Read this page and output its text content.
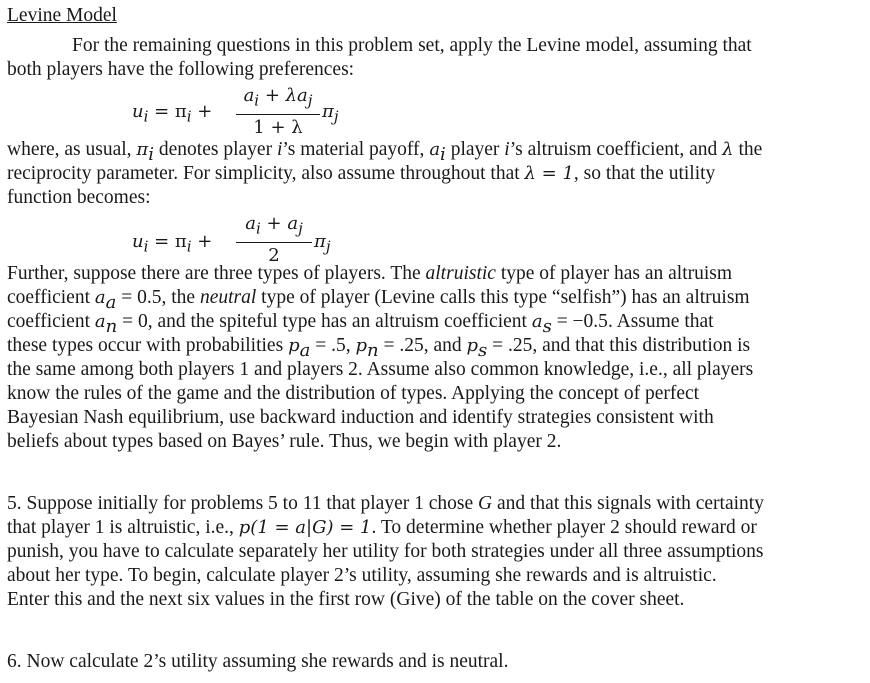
Levine Model
For the remaining questions in this problem set, apply the Levine model, assuming that
both players have the following preferences:
$u_i = \pi_i$ +
$a_i + \lambda a_j$
1 + λ
$\pi_j$
where, as usual, $\pi_i$ denotes player i’s material payoff, $a_i$ player i’s altruism coefficient, and λ the
reciprocity parameter. For simplicity, also assume throughout that λ = 1, so that the utility
function becomes:
$u_i = \pi_i$ +
$a_i + a_j$
2
$\pi_j$
Further, suppose there are three types of players. The altruistic type of player has an altruism
coefficient $a_a = 0.5$, the neutral type of player (Levine calls this type “selfish”) has an altruism
coefficient $a_n = 0$, and the spiteful type has an altruism coefficient $a_s = -0.5$. Assume that
these types occur with probabilities $p_a = .5$, $p_n = .25$, and $p_s = .25$, and that this distribution is
the same among both players 1 and players 2. Assume also common knowledge, i.e., all players
know the rules of the game and the distribution of types. Applying the concept of perfect
Bayesian Nash equilibrium, use backward induction and identify strategies consistent with
beliefs about types based on Bayes’ rule. Thus, we begin with player 2.
5. Suppose initially for problems 5 to 11 that player 1 chose G and that this signals with certainty
that player 1 is altruistic, i.e., p(1 = a|G) = 1. To determine whether player 2 should reward or
punish, you have to calculate separately her utility for both strategies under all three assumptions
about her type. To begin, calculate player 2’s utility, assuming she rewards and is altruistic.
Enter this and the next six values in the first row (Give) of the table on the cover sheet.
6. Now calculate 2’s utility assuming she rewards and is neutral.
